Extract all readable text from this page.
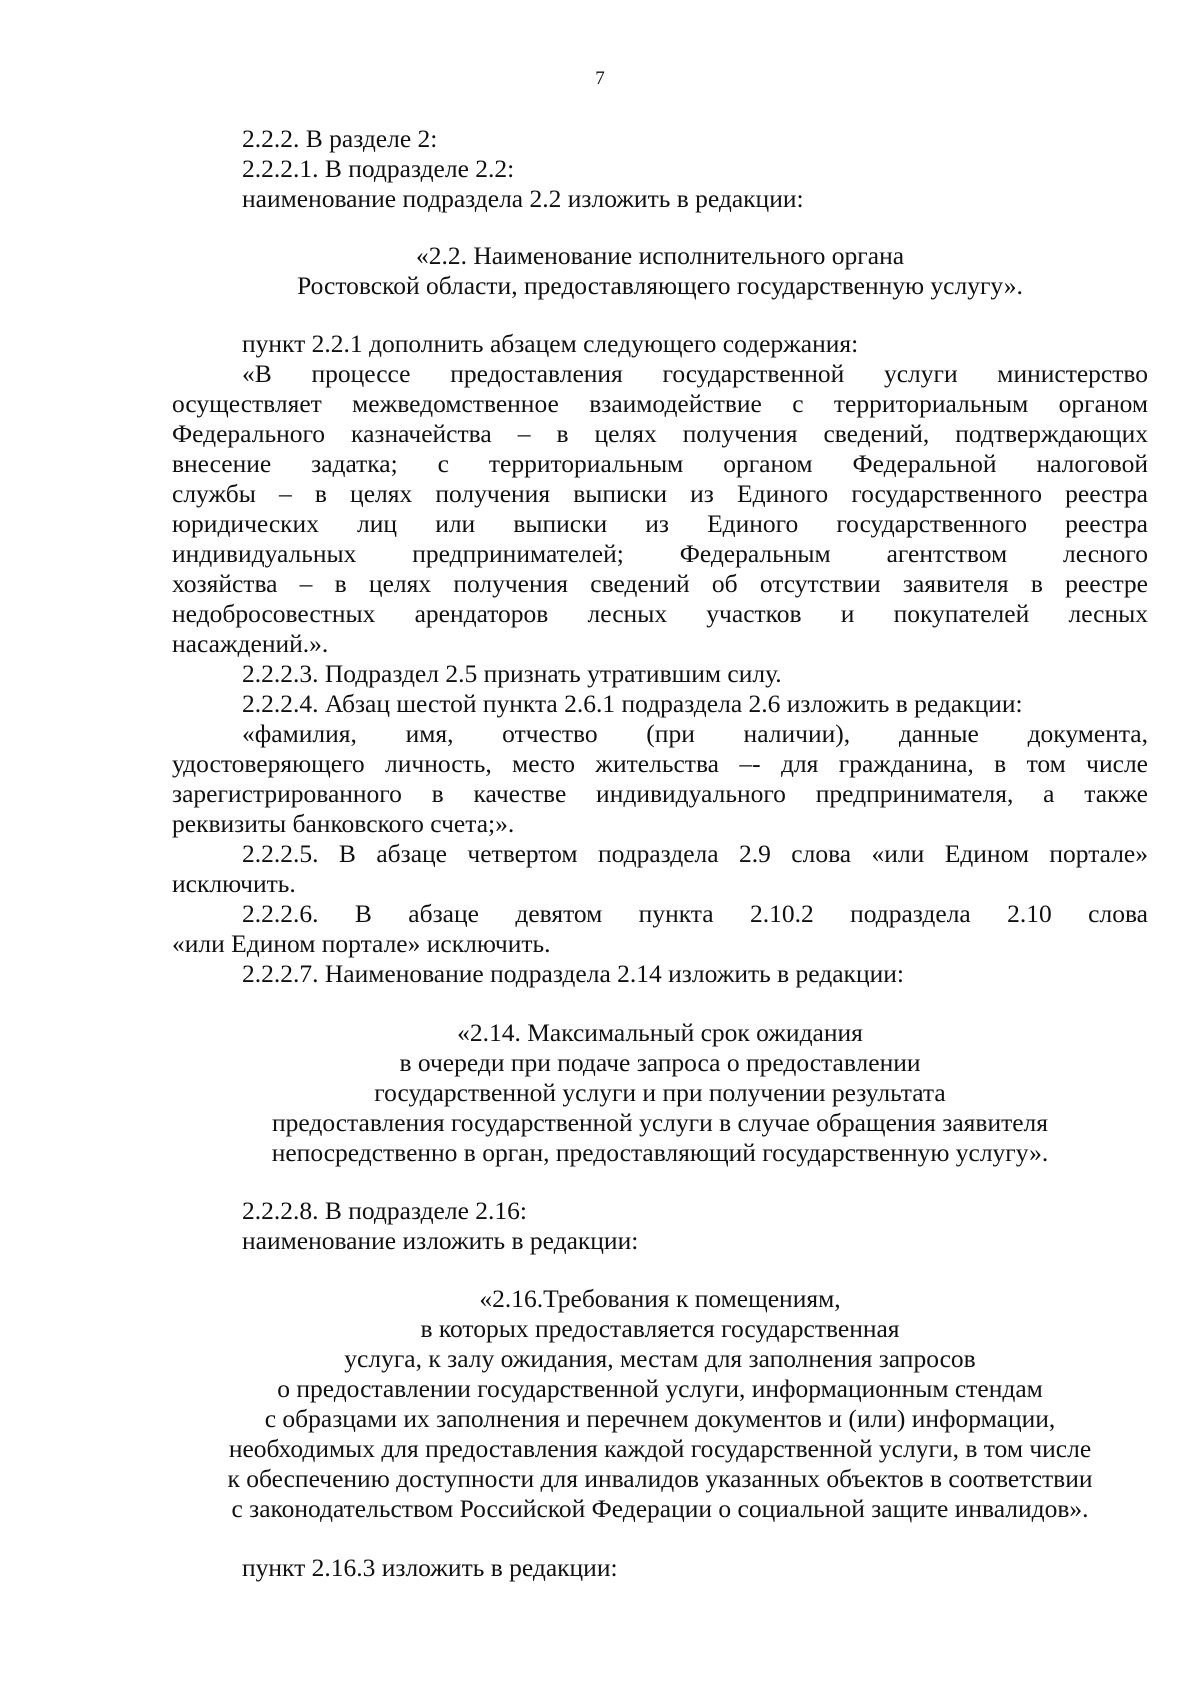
7
2.2.2. В разделе 2:
2.2.2.1. В подразделе 2.2:
наименование подраздела 2.2 изложить в редакции:
«2.2. Наименование исполнительного органа
Ростовской области, предоставляющего государственную услугу».
пункт 2.2.1 дополнить абзацем следующего содержания:
«В процессе предоставления государственной услуги министерство
осуществляет межведомственное взаимодействие с территориальным органом
Федерального казначейства – в целях получения сведений, подтверждающих
внесение задатка; с территориальным органом Федеральной налоговой
службы – в целях получения выписки из Единого государственного реестра
юридических лиц или выписки из Единого государственного реестра
индивидуальных предпринимателей; Федеральным агентством лесного
хозяйства – в целях получения сведений об отсутствии заявителя в реестре
недобросовестных арендаторов лесных участков и покупателей лесных
насаждений.».
2.2.2.3. Подраздел 2.5 признать утратившим силу.
2.2.2.4. Абзац шестой пункта 2.6.1 подраздела 2.6 изложить в редакции:
«фамилия, имя, отчество (при наличии), данные документа,
удостоверяющего личность, место жительства –- для гражданина, в том числе
зарегистрированного в качестве индивидуального предпринимателя, а также
реквизиты банковского счета;».
2.2.2.5. В абзаце четвертом подраздела 2.9 слова «или Едином портале»
исключить.
2.2.2.6. В абзаце девятом пункта 2.10.2 подраздела 2.10 слова
«или Едином портале» исключить.
2.2.2.7. Наименование подраздела 2.14 изложить в редакции:
«2.14. Максимальный срок ожидания
в очереди при подаче запроса о предоставлении
государственной услуги и при получении результата
предоставления государственной услуги в случае обращения заявителя
непосредственно в орган, предоставляющий государственную услугу».
2.2.2.8. В подразделе 2.16:
наименование изложить в редакции:
«2.16.Требования к помещениям,
в которых предоставляется государственная
услуга, к залу ожидания, местам для заполнения запросов
о предоставлении государственной услуги, информационным стендам
с образцами их заполнения и перечнем документов и (или) информации,
необходимых для предоставления каждой государственной услуги, в том числе
к обеспечению доступности для инвалидов указанных объектов в соответствии
с законодательством Российской Федерации о социальной защите инвалидов».
пункт 2.16.3 изложить в редакции:
